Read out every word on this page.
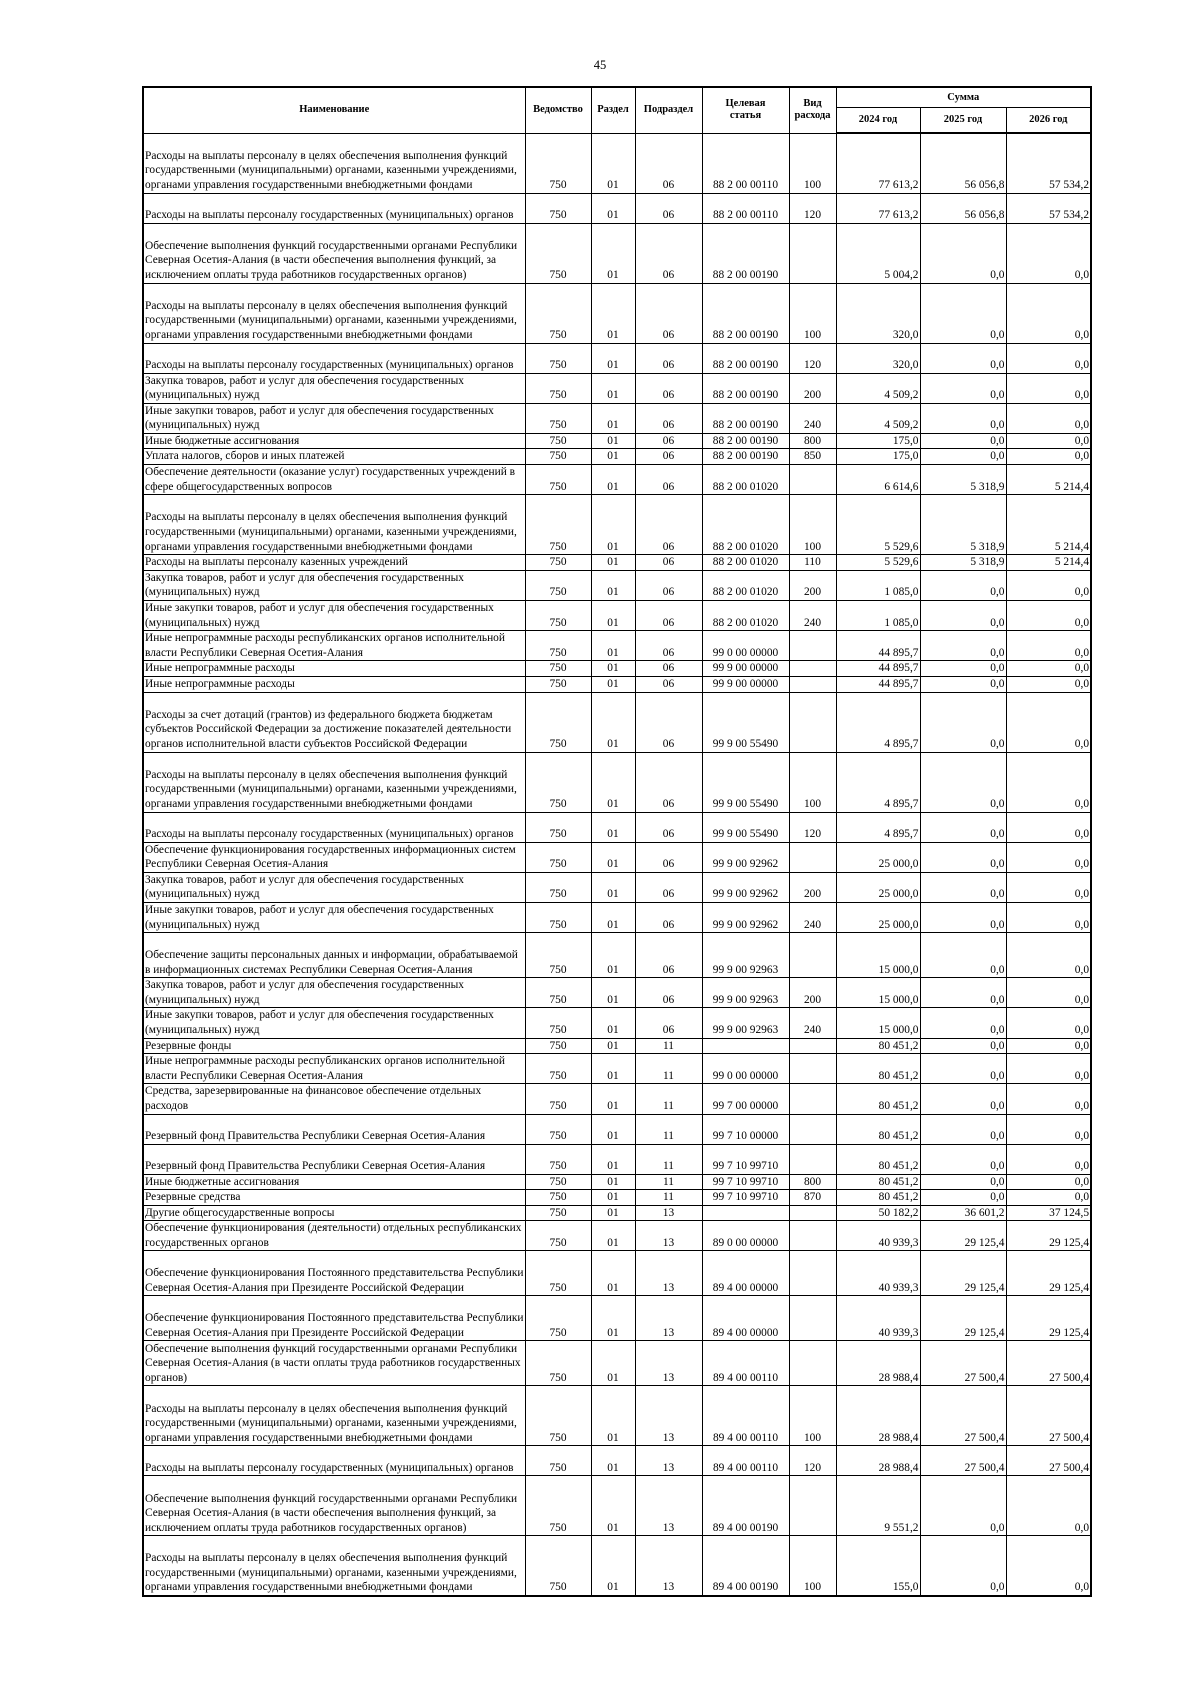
45
Наименование	Ведомство	Раздел	Подраздел	Целевая статья	Вид расхода	Сумма		
						2024 год	2025 год	2026 год
Расходы на выплаты персоналу в целях обеспечения выполнения функций государственными (муниципальными) органами, казенными учреждениями, органами управления государственными внебюджетными фондами	750	01	06	88 2 00 00110	100	77 613,2	56 056,8	57 534,2
Расходы на выплаты персоналу государственных (муниципальных) органов	750	01	06	88 2 00 00110	120	77 613,2	56 056,8	57 534,2
Обеспечение выполнения функций государственными органами Республики Северная Осетия-Алания (в части обеспечения выполнения функций, за исключением оплаты труда работников государственных органов)	750	01	06	88 2 00 00190		5 004,2	0,0	0,0
Расходы на выплаты персоналу в целях обеспечения выполнения функций государственными (муниципальными) органами, казенными учреждениями, органами управления государственными внебюджетными фондами	750	01	06	88 2 00 00190	100	320,0	0,0	0,0
Расходы на выплаты персоналу государственных (муниципальных) органов	750	01	06	88 2 00 00190	120	320,0	0,0	0,0
Закупка товаров, работ и услуг для обеспечения государственных (муниципальных) нужд	750	01	06	88 2 00 00190	200	4 509,2	0,0	0,0
Иные закупки товаров, работ и услуг для обеспечения государственных (муниципальных) нужд	750	01	06	88 2 00 00190	240	4 509,2	0,0	0,0
Иные бюджетные ассигнования	750	01	06	88 2 00 00190	800	175,0	0,0	0,0
Уплата налогов, сборов и иных платежей	750	01	06	88 2 00 00190	850	175,0	0,0	0,0
Обеспечение деятельности (оказание услуг) государственных учреждений в сфере общегосударственных вопросов	750	01	06	88 2 00 01020		6 614,6	5 318,9	5 214,4
Расходы на выплаты персоналу в целях обеспечения выполнения функций государственными (муниципальными) органами, казенными учреждениями, органами управления государственными внебюджетными фондами	750	01	06	88 2 00 01020	100	5 529,6	5 318,9	5 214,4
Расходы на выплаты персоналу казенных учреждений	750	01	06	88 2 00 01020	110	5 529,6	5 318,9	5 214,4
Закупка товаров, работ и услуг для обеспечения государственных (муниципальных) нужд	750	01	06	88 2 00 01020	200	1 085,0	0,0	0,0
Иные закупки товаров, работ и услуг для обеспечения государственных (муниципальных) нужд	750	01	06	88 2 00 01020	240	1 085,0	0,0	0,0
Иные непрограммные расходы республиканских органов исполнительной власти Республики Северная Осетия-Алания	750	01	06	99 0 00 00000		44 895,7	0,0	0,0
Иные непрограммные расходы	750	01	06	99 9 00 00000		44 895,7	0,0	0,0
Иные непрограммные расходы	750	01	06	99 9 00 00000		44 895,7	0,0	0,0
Расходы за счет дотаций (грантов) из федерального бюджета бюджетам субъектов Российской Федерации за достижение показателей деятельности органов исполнительной власти субъектов Российской Федерации	750	01	06	99 9 00 55490		4 895,7	0,0	0,0
Расходы на выплаты персоналу в целях обеспечения выполнения функций государственными (муниципальными) органами, казенными учреждениями, органами управления государственными внебюджетными фондами	750	01	06	99 9 00 55490	100	4 895,7	0,0	0,0
Расходы на выплаты персоналу государственных (муниципальных) органов	750	01	06	99 9 00 55490	120	4 895,7	0,0	0,0
Обеспечение функционирования государственных информационных систем Республики Северная Осетия-Алания	750	01	06	99 9 00 92962		25 000,0	0,0	0,0
Закупка товаров, работ и услуг для обеспечения государственных (муниципальных) нужд	750	01	06	99 9 00 92962	200	25 000,0	0,0	0,0
Иные закупки товаров, работ и услуг для обеспечения государственных (муниципальных) нужд	750	01	06	99 9 00 92962	240	25 000,0	0,0	0,0
Обеспечение защиты персональных данных и информации, обрабатываемой в информационных системах Республики Северная Осетия-Алания	750	01	06	99 9 00 92963		15 000,0	0,0	0,0
Закупка товаров, работ и услуг для обеспечения государственных (муниципальных) нужд	750	01	06	99 9 00 92963	200	15 000,0	0,0	0,0
Иные закупки товаров, работ и услуг для обеспечения государственных (муниципальных) нужд	750	01	06	99 9 00 92963	240	15 000,0	0,0	0,0
Резервные фонды	750	01	11			80 451,2	0,0	0,0
Иные непрограммные расходы республиканских органов исполнительной власти Республики Северная Осетия-Алания	750	01	11	99 0 00 00000		80 451,2	0,0	0,0
Средства, зарезервированные на финансовое обеспечение отдельных расходов	750	01	11	99 7 00 00000		80 451,2	0,0	0,0
Резервный фонд Правительства Республики Северная Осетия-Алания	750	01	11	99 7 10 00000		80 451,2	0,0	0,0
Резервный фонд Правительства Республики Северная Осетия-Алания	750	01	11	99 7 10 99710		80 451,2	0,0	0,0
Иные бюджетные ассигнования	750	01	11	99 7 10 99710	800	80 451,2	0,0	0,0
Резервные средства	750	01	11	99 7 10 99710	870	80 451,2	0,0	0,0
Другие общегосударственные вопросы	750	01	13			50 182,2	36 601,2	37 124,5
Обеспечение функционирования (деятельности) отдельных республиканских государственных органов	750	01	13	89 0 00 00000		40 939,3	29 125,4	29 125,4
Обеспечение функционирования Постоянного представительства Республики Северная Осетия-Алания при Президенте Российской Федерации	750	01	13	89 4 00 00000		40 939,3	29 125,4	29 125,4
Обеспечение функционирования Постоянного представительства Республики Северная Осетия-Алания при Президенте Российской Федерации	750	01	13	89 4 00 00000		40 939,3	29 125,4	29 125,4
Обеспечение выполнения функций государственными органами Республики Северная Осетия-Алания (в части оплаты труда работников государственных органов)	750	01	13	89 4 00 00110		28 988,4	27 500,4	27 500,4
Расходы на выплаты персоналу в целях обеспечения выполнения функций государственными (муниципальными) органами, казенными учреждениями, органами управления государственными внебюджетными фондами	750	01	13	89 4 00 00110	100	28 988,4	27 500,4	27 500,4
Расходы на выплаты персоналу государственных (муниципальных) органов	750	01	13	89 4 00 00110	120	28 988,4	27 500,4	27 500,4
Обеспечение выполнения функций государственными органами Республики Северная Осетия-Алания (в части обеспечения выполнения функций, за исключением оплаты труда работников государственных органов)	750	01	13	89 4 00 00190		9 551,2	0,0	0,0
Расходы на выплаты персоналу в целях обеспечения выполнения функций государственными (муниципальными) органами, казенными учреждениями, органами управления государственными внебюджетными фондами	750	01	13	89 4 00 00190	100	155,0	0,0	0,0
